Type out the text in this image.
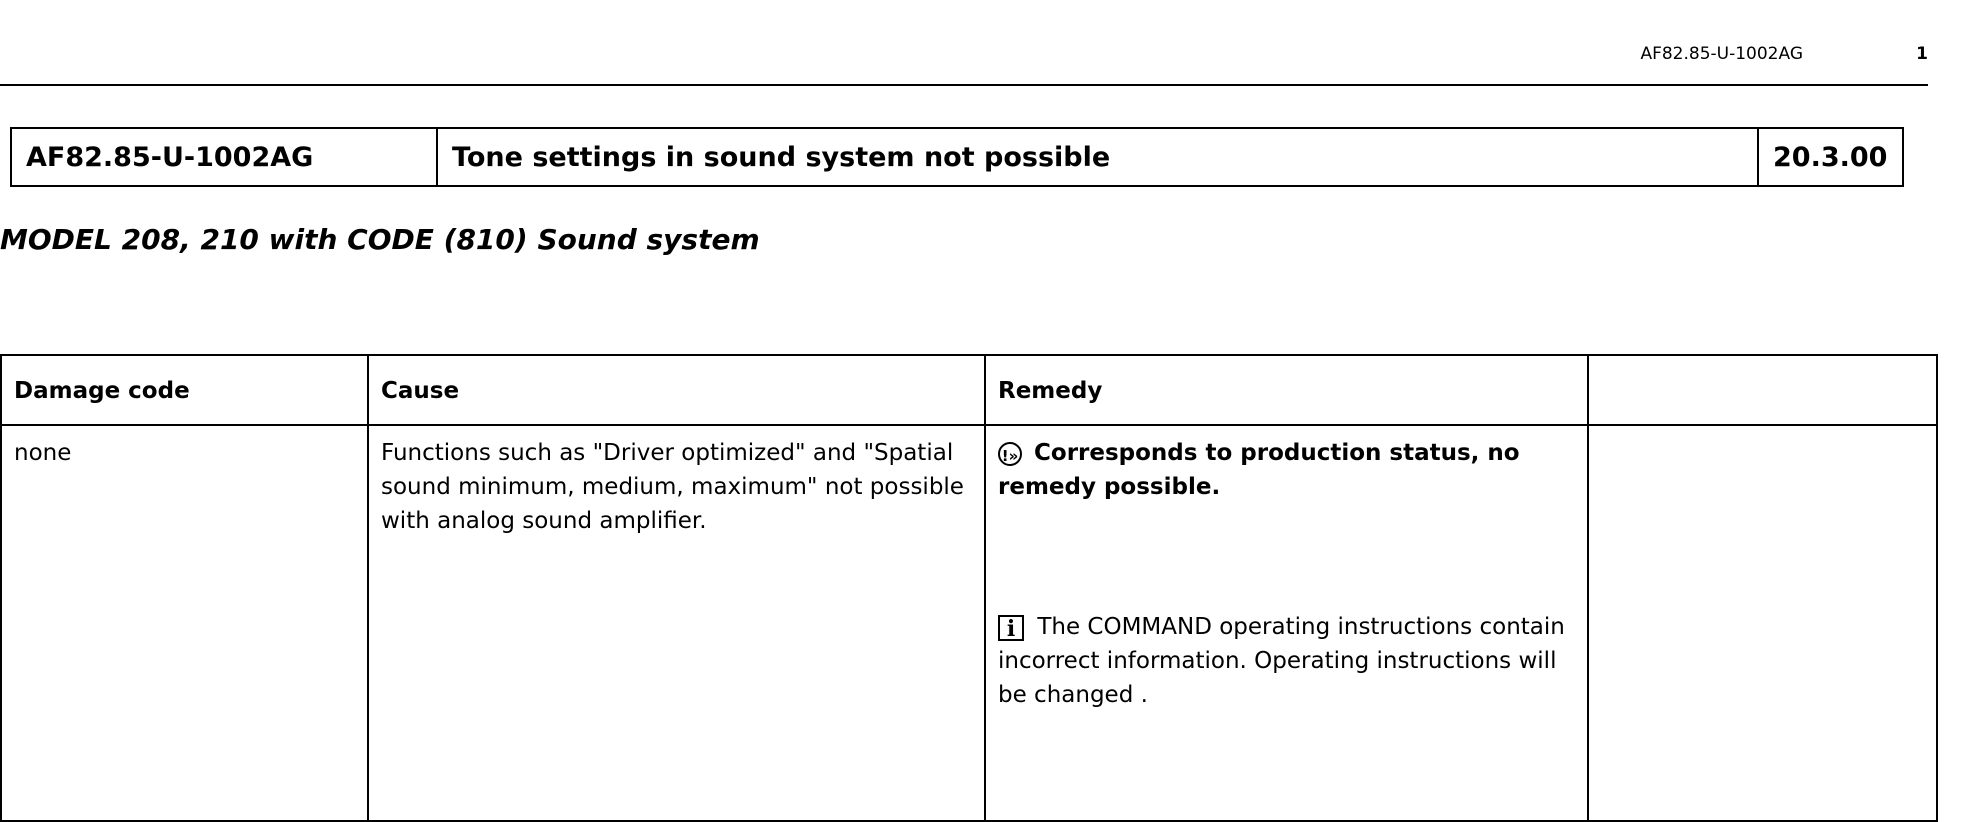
AF82.85-U-1002AG	1
AF82.85-U-1002AG	Tone settings in sound system not possible	20.3.00
MODEL 208, 210 with CODE (810) Sound system
Damage code	Cause	Remedy	
none	Functions such as "Driver optimized" and "Spatial sound minimum, medium, maximum" not possible with analog sound amplifier.	!» Corresponds to production status, no remedy possible.
i The COMMAND operating instructions contain incorrect information. Operating instructions will be changed .	
